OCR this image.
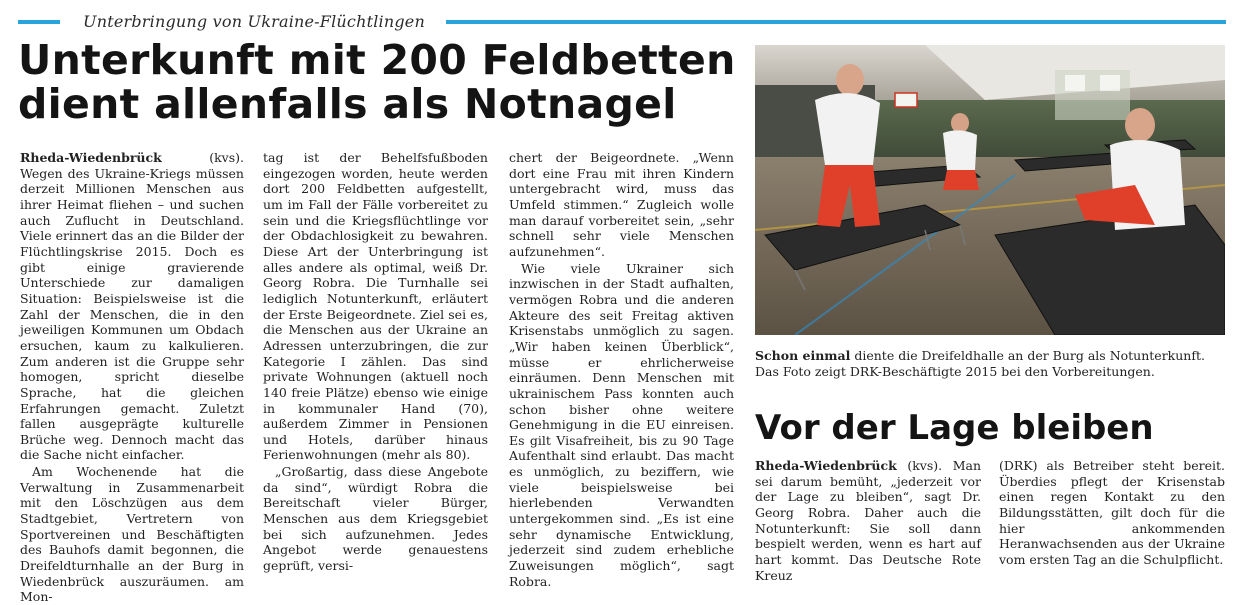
Unterbringung von Ukraine-Flüchtlingen
Unterkunft mit 200 Feldbetten
dient allenfalls als Notnagel

Rheda-Wiedenbrück (kvs). Wegen des Ukraine-Kriegs müssen derzeit Millionen Menschen aus ihrer Heimat fliehen – und suchen auch Zuflucht in Deutschland. Viele erinnert das an die Bilder der Flüchtlingskrise 2015. Doch es gibt einige gravierende Unterschiede zur damaligen Situation: Beispielsweise ist die Zahl der Menschen, die in den jeweiligen Kommunen um Obdach ersuchen, kaum zu kalkulieren. Zum anderen ist die Gruppe sehr homogen, spricht dieselbe Sprache, hat die gleichen Erfahrungen gemacht. Zuletzt fallen ausgeprägte kulturelle Brüche weg. Dennoch macht das die Sache nicht einfacher.

Am Wochenende hat die Verwaltung in Zusammenarbeit mit den Löschzügen aus dem Stadtgebiet, Vertretern von Sportvereinen und Beschäftigten des Bauhofs damit begonnen, die Dreifeldturnhalle an der Burg in Wiedenbrück auszuräumen. am Mon-

tag ist der Behelfsfußboden eingezogen worden, heute werden dort 200 Feldbetten aufgestellt, um im Fall der Fälle vorbereitet zu sein und die Kriegsflüchtlinge vor der Obdachlosigkeit zu bewahren. Diese Art der Unterbringung ist alles andere als optimal, weiß Dr. Georg Robra. Die Turnhalle sei lediglich Notunterkunft, erläutert der Erste Beigeordnete. Ziel sei es, die Menschen aus der Ukraine an Adressen unterzubringen, die zur Kategorie I zählen. Das sind private Wohnungen (aktuell noch 140 freie Plätze) ebenso wie einige in kommunaler Hand (70), außerdem Zimmer in Pensionen und Hotels, darüber hinaus Ferienwohnungen (mehr als 80).

„Großartig, dass diese Angebote da sind“, würdigt Robra die Bereitschaft vieler Bürger, Menschen aus dem Kriegsgebiet bei sich aufzunehmen. Jedes Angebot werde genauestens geprüft, versi-

chert der Beigeordnete. „Wenn dort eine Frau mit ihren Kindern untergebracht wird, muss das Umfeld stimmen.“ Zugleich wolle man darauf vorbereitet sein, „sehr schnell sehr viele Menschen aufzunehmen“.

Wie viele Ukrainer sich inzwischen in der Stadt aufhalten, vermögen Robra und die anderen Akteure des seit Freitag aktiven Krisenstabs unmöglich zu sagen. „Wir haben keinen Überblick“, müsse er ehrlicherweise einräumen. Denn Menschen mit ukrainischem Pass konnten auch schon bisher ohne weitere Genehmigung in die EU einreisen. Es gilt Visafreiheit, bis zu 90 Tage Aufenthalt sind erlaubt. Das macht es unmöglich, zu beziffern, wie viele beispielsweise bei hierlebenden Verwandten untergekommen sind. „Es ist eine sehr dynamische Entwicklung, jederzeit sind zudem erhebliche Zuweisungen möglich“, sagt Robra.

Schon einmal diente die Dreifeldhalle an der Burg als Notunterkunft. Das Foto zeigt DRK-Beschäftigte 2015 bei den Vorbereitungen.
Vor der Lage bleiben

Rheda-Wiedenbrück (kvs). Man sei darum bemüht, „jederzeit vor der Lage zu bleiben“, sagt Dr. Georg Robra. Daher auch die Notunterkunft: Sie soll dann bespielt werden, wenn es hart auf hart kommt. Das Deutsche Rote Kreuz

(DRK) als Betreiber steht bereit. Überdies pflegt der Krisenstab einen regen Kontakt zu den Bildungsstätten, gilt doch für die hier ankommenden Heranwachsenden aus der Ukraine vom ersten Tag an die Schulpflicht.
